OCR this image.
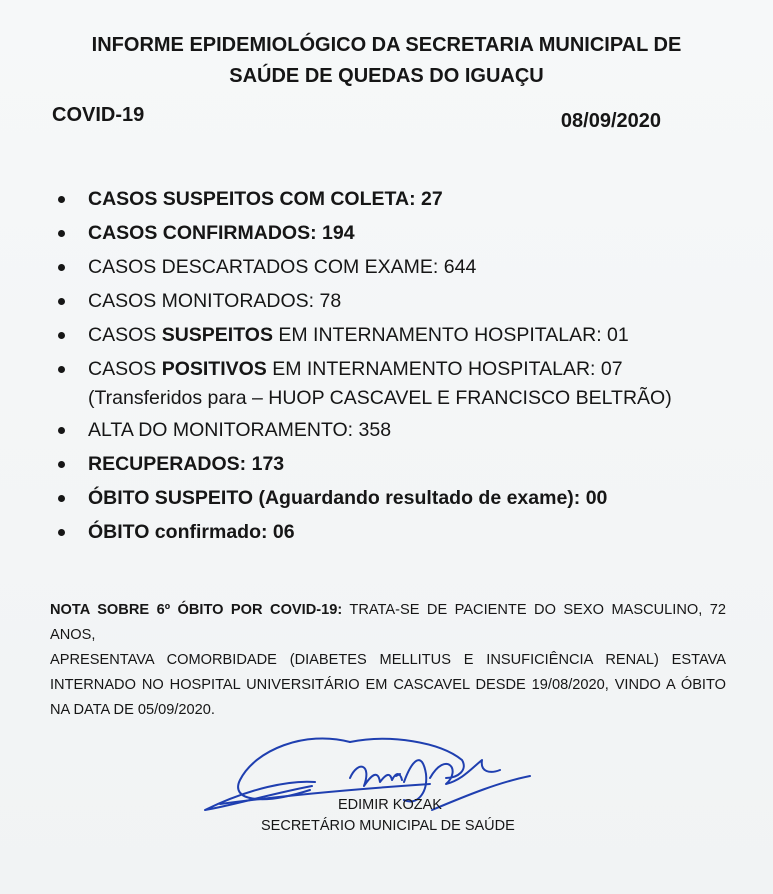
INFORME EPIDEMIOLÓGICO DA SECRETARIA MUNICIPAL DE
SAÚDE DE QUEDAS DO IGUAÇU
COVID-19	08/09/2020
CASOS SUSPEITOS COM COLETA: 27
CASOS CONFIRMADOS: 194
CASOS DESCARTADOS COM EXAME: 644
CASOS MONITORADOS: 78
CASOS SUSPEITOS EM INTERNAMENTO HOSPITALAR: 01
CASOS POSITIVOS EM INTERNAMENTO HOSPITALAR: 07
(Transferidos para – HUOP CASCAVEL E FRANCISCO BELTRÃO)
ALTA DO MONITORAMENTO: 358
RECUPERADOS: 173
ÓBITO SUSPEITO (Aguardando resultado de exame): 00
ÓBITO confirmado: 06
NOTA SOBRE 6º ÓBITO POR COVID-19: TRATA-SE DE PACIENTE DO SEXO MASCULINO, 72 ANOS,
APRESENTAVA COMORBIDADE (DIABETES MELLITUS E INSUFICIÊNCIA RENAL) ESTAVA
INTERNADO NO HOSPITAL UNIVERSITÁRIO EM CASCAVEL DESDE 19/08/2020, VINDO A ÓBITO
NA DATA DE 05/09/2020.
Edimir Kozak
EDIMIR KOZAK
SECRETÁRIO MUNICIPAL DE SAÚDE
